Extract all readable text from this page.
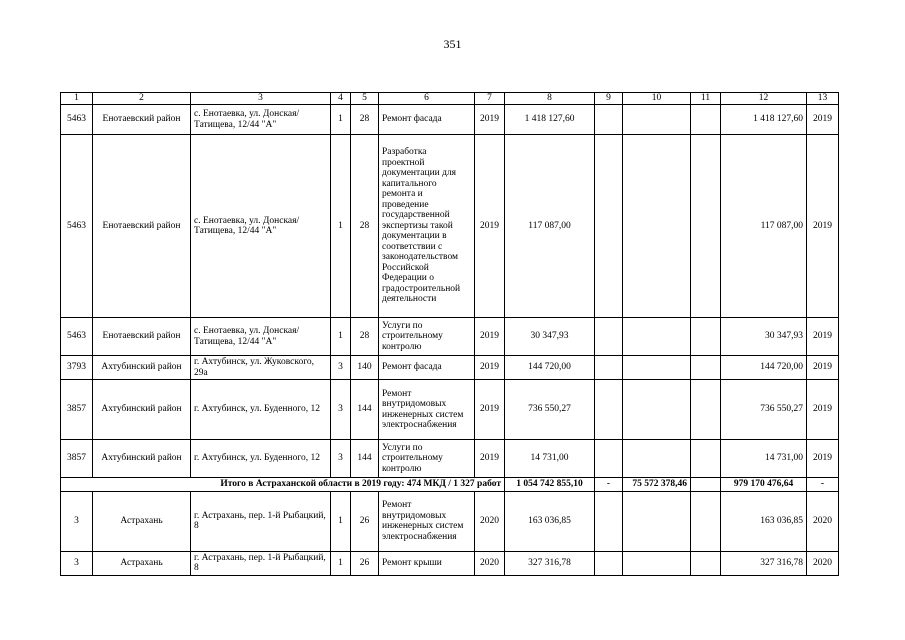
351
1	2	3	4	5	6	7	8	9	10	11	12	13
5463	Енотаевский район	с. Енотаевка, ул. Донская/Татищева, 12/44 "А"	1	28	Ремонт фасада	2019	1 418 127,60				1 418 127,60	2019
5463	Енотаевский район	с. Енотаевка, ул. Донская/Татищева, 12/44 "А"	1	28	Разработка проектной документации для капитального ремонта и проведение государственной экспертизы такой документации в соответствии с законодательством Российской Федерации о градостроительной деятельности	2019	117 087,00				117 087,00	2019
5463	Енотаевский район	с. Енотаевка, ул. Донская/Татищева, 12/44 "А"	1	28	Услуги по строительному контролю	2019	30 347,93				30 347,93	2019
3793	Ахтубинский район	г. Ахтубинск, ул. Жуковского, 29а	3	140	Ремонт фасада	2019	144 720,00				144 720,00	2019
3857	Ахтубинский район	г. Ахтубинск, ул. Буденного, 12	3	144	Ремонт внутридомовых инженерных систем электроснабжения	2019	736 550,27				736 550,27	2019
3857	Ахтубинский район	г. Ахтубинск, ул. Буденного, 12	3	144	Услуги по строительному контролю	2019	14 731,00				14 731,00	2019
Итого в Астраханской области в 2019 году: 474 МКД / 1 327 работ							1 054 742 855,10	-	75 572 378,46		979 170 476,64	-
3	Астрахань	г. Астрахань, пер. 1-й Рыбацкий, 8	1	26	Ремонт внутридомовых инженерных систем электроснабжения	2020	163 036,85				163 036,85	2020
3	Астрахань	г. Астрахань, пер. 1-й Рыбацкий, 8	1	26	Ремонт крыши	2020	327 316,78				327 316,78	2020
